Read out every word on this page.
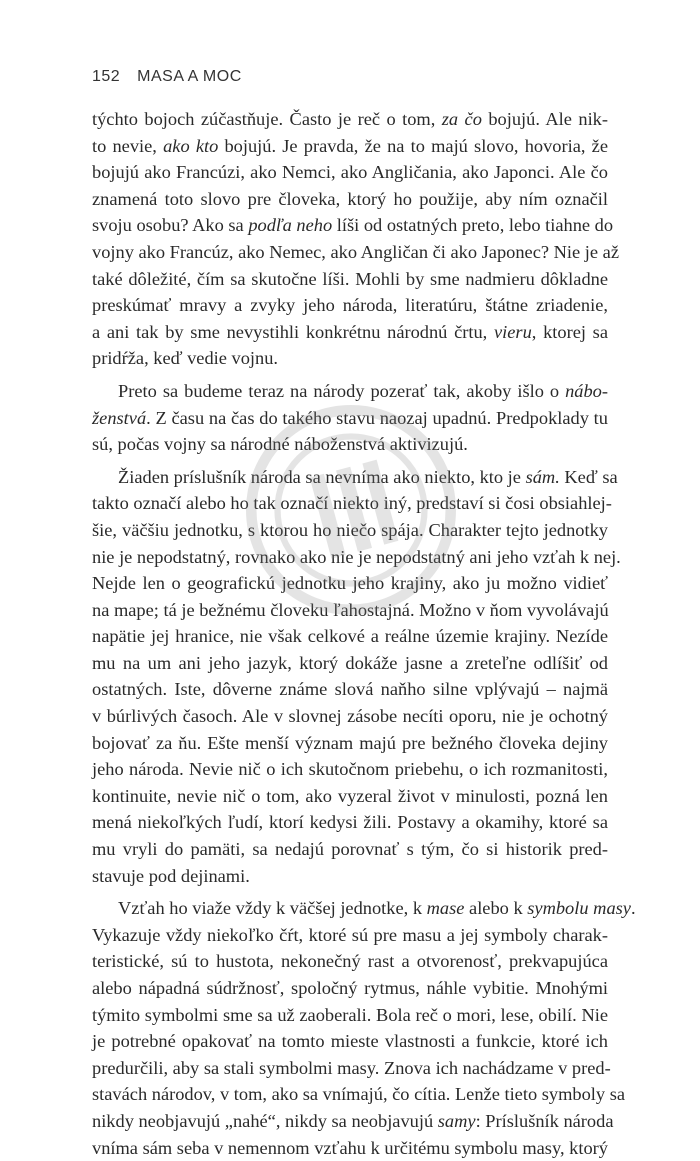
152 MASA A MOC
týchto bojoch zúčastňuje. Často je reč o tom, za čo bojujú. Ale nik-
to nevie, ako kto bojujú. Je pravda, že na to majú slovo, hovoria, že
bojujú ako Francúzi, ako Nemci, ako Angličania, ako Japonci. Ale čo
znamená toto slovo pre človeka, ktorý ho použije, aby ním označil
svoju osobu? Ako sa podľa neho líši od ostatných preto, lebo tiahne do
vojny ako Francúz, ako Nemec, ako Angličan či ako Japonec? Nie je až
také dôležité, čím sa skutočne líši. Mohli by sme nadmieru dôkladne
preskúmať mravy a zvyky jeho národa, literatúru, štátne zriadenie,
a ani tak by sme nevystihli konkrétnu národnú črtu, vieru, ktorej sa
pridŕža, keď vedie vojnu.
Preto sa budeme teraz na národy pozerať tak, akoby išlo o nábo-
ženstvá. Z času na čas do takého stavu naozaj upadnú. Predpoklady tu
sú, počas vojny sa národné náboženstvá aktivizujú.
Žiaden príslušník národa sa nevníma ako niekto, kto je sám. Keď sa
takto označí alebo ho tak označí niekto iný, predstaví si čosi obsiahlej-
šie, väčšiu jednotku, s ktorou ho niečo spája. Charakter tejto jednotky
nie je nepodstatný, rovnako ako nie je nepodstatný ani jeho vzťah k nej.
Nejde len o geografickú jednotku jeho krajiny, ako ju možno vidieť
na mape; tá je bežnému človeku ľahostajná. Možno v ňom vyvolávajú
napätie jej hranice, nie však celkové a reálne územie krajiny. Nezíde
mu na um ani jeho jazyk, ktorý dokáže jasne a zreteľne odlíšiť od
ostatných. Iste, dôverne známe slová naňho silne vplývajú – najmä
v búrlivých časoch. Ale v slovnej zásobe necíti oporu, nie je ochotný
bojovať za ňu. Ešte menší význam majú pre bežného človeka dejiny
jeho národa. Nevie nič o ich skutočnom priebehu, o ich rozmanitosti,
kontinuite, nevie nič o tom, ako vyzeral život v minulosti, pozná len
mená niekoľkých ľudí, ktorí kedysi žili. Postavy a okamihy, ktoré sa
mu vryli do pamäti, sa nedajú porovnať s tým, čo si historik pred-
stavuje pod dejinami.
Vzťah ho viaže vždy k väčšej jednotke, k mase alebo k symbolu masy.
Vykazuje vždy niekoľko čŕt, ktoré sú pre masu a jej symboly charak-
teristické, sú to hustota, nekonečný rast a otvorenosť, prekvapujúca
alebo nápadná súdržnosť, spoločný rytmus, náhle vybitie. Mnohými
týmito symbolmi sme sa už zaoberali. Bola reč o mori, lese, obilí. Nie
je potrebné opakovať na tomto mieste vlastnosti a funkcie, ktoré ich
predurčili, aby sa stali symbolmi masy. Znova ich nachádzame v pred-
stavách národov, v tom, ako sa vnímajú, čo cítia. Lenže tieto symboly sa
nikdy neobjavujú „nahé“, nikdy sa neobjavujú samy: Príslušník národa
vníma sám seba v nemennom vzťahu k určitému symbolu masy, ktorý
